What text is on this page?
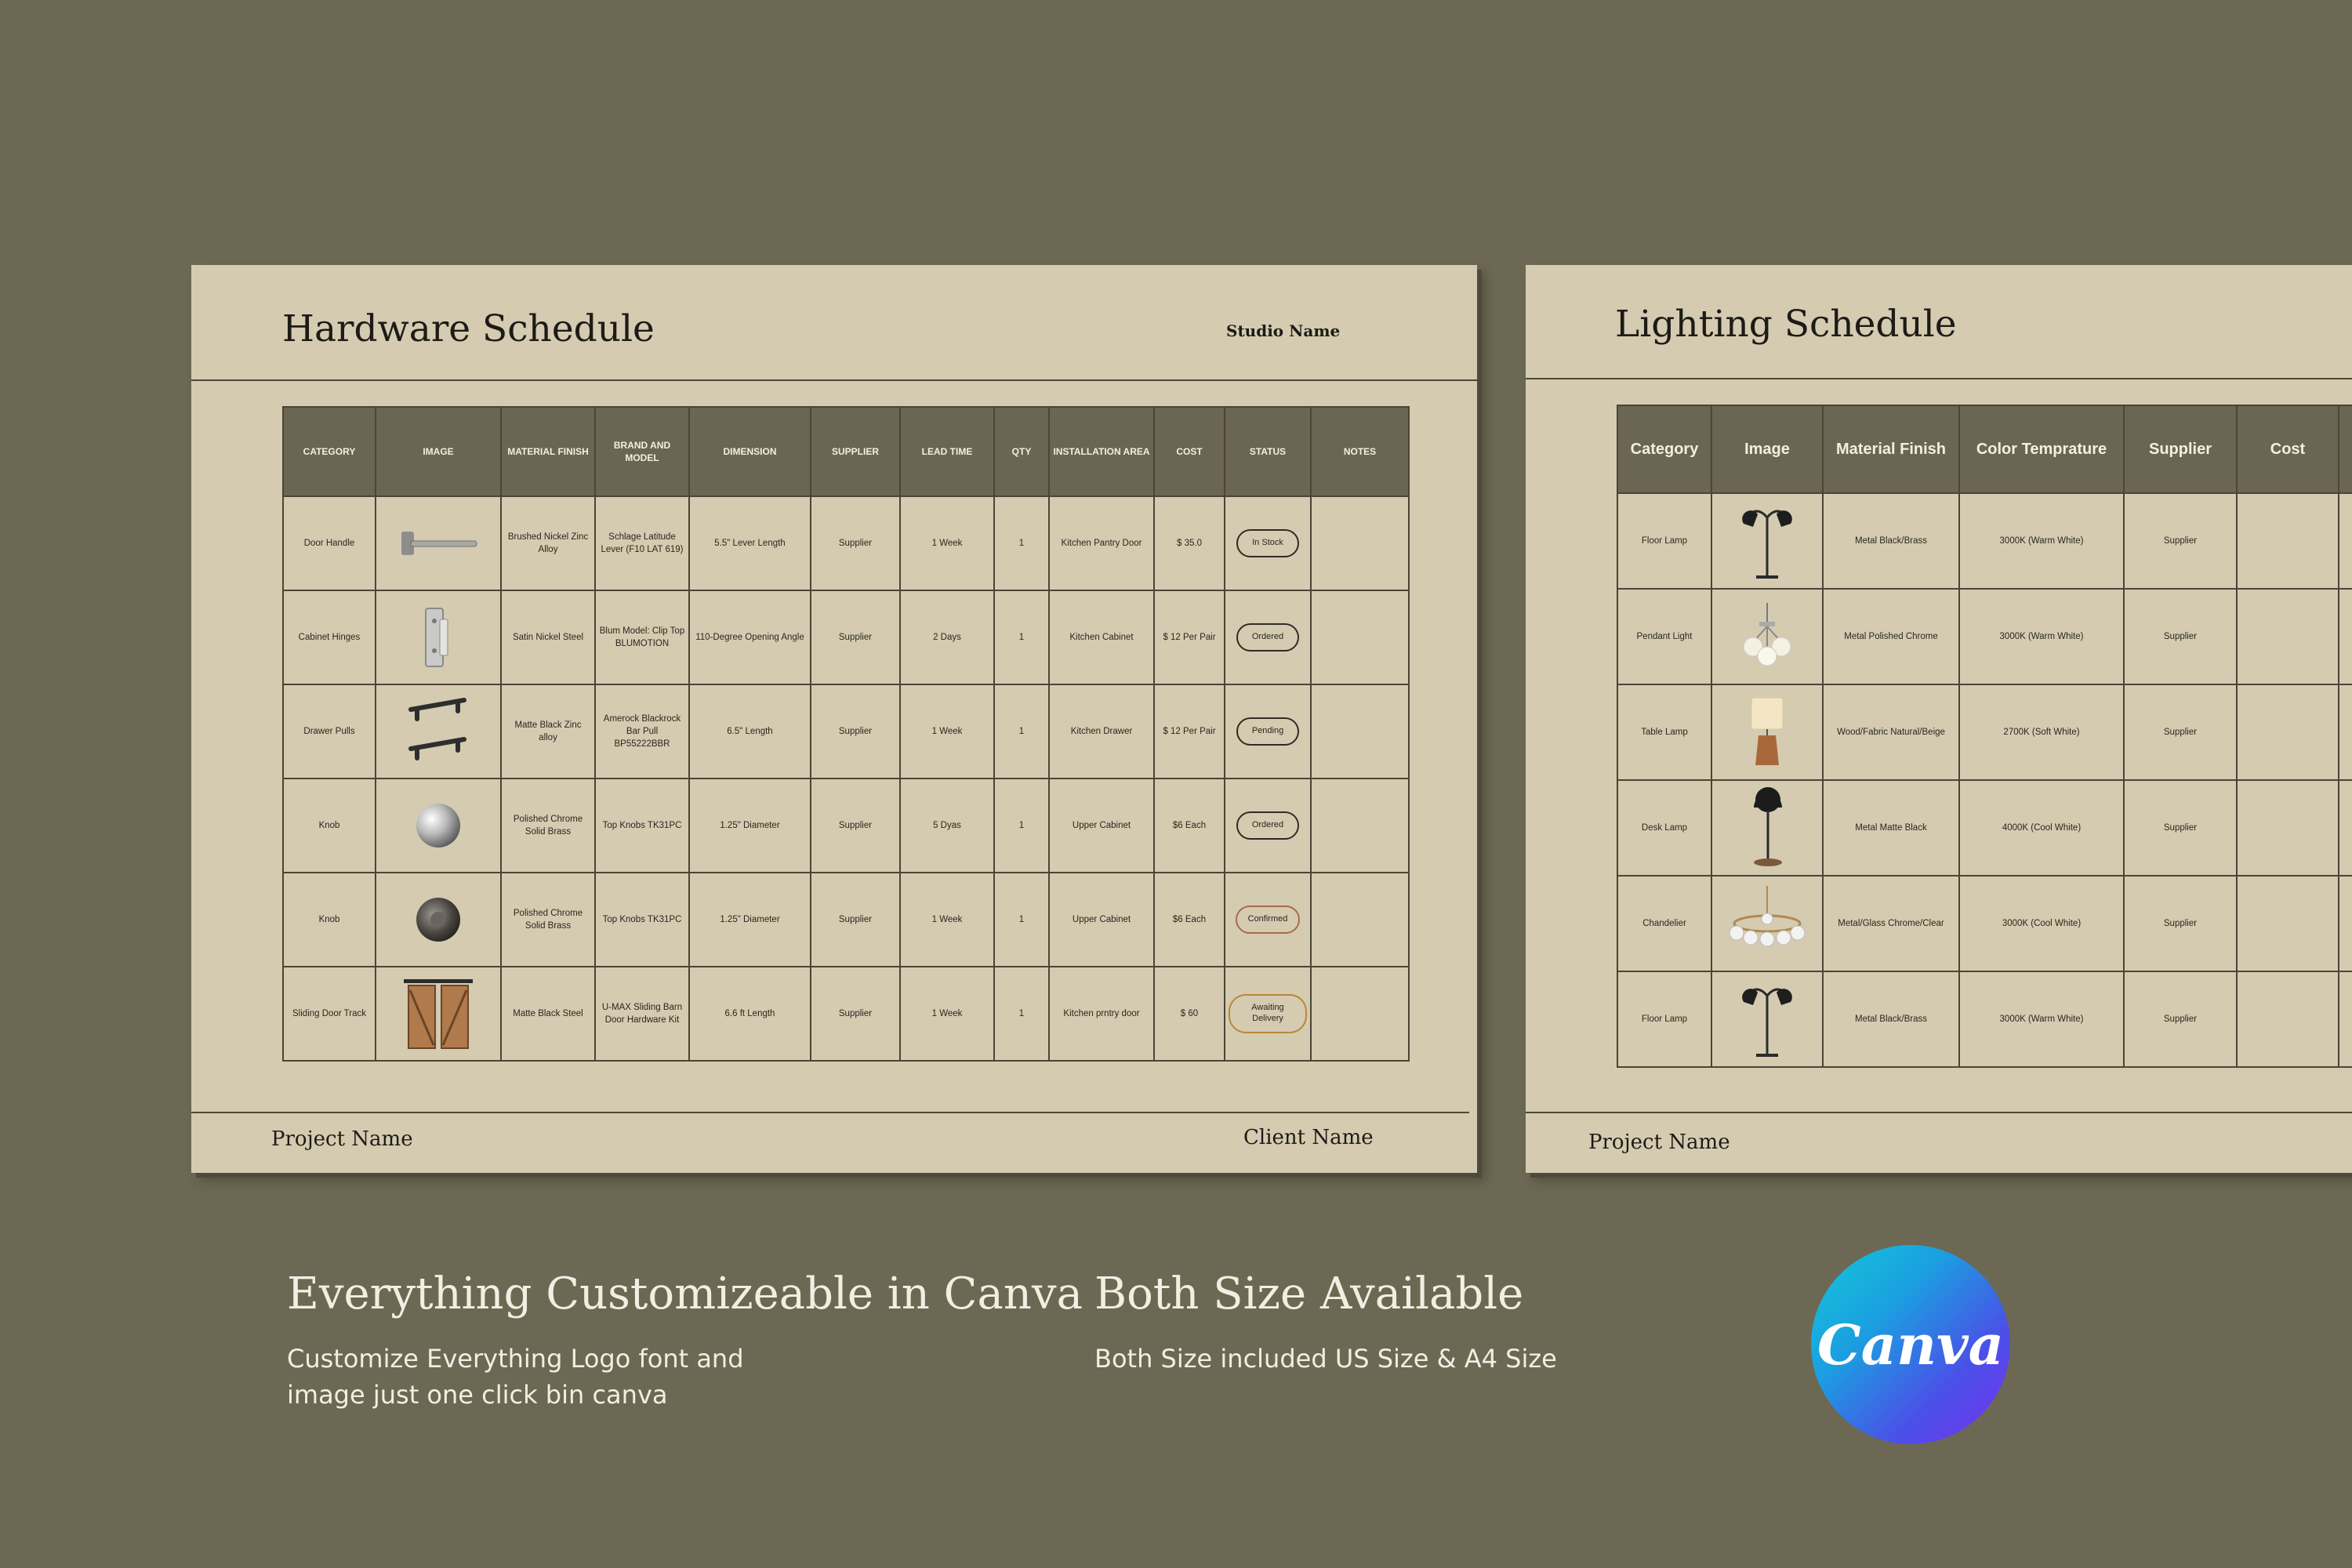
Hardware Schedule	Studio Name
CATEGORY	IMAGE	MATERIAL FINISH	BRAND AND MODEL	DIMENSION	SUPPLIER	LEAD TIME	QTY	INSTALLATION AREA	COST	STATUS	NOTES
Door Handle		Brushed Nickel Zinc Alloy	Schlage Latitude Lever (F10 LAT 619)	5.5" Lever Length	Supplier	1 Week	1	Kitchen Pantry Door	$ 35.0	In Stock	
Cabinet Hinges		Satin Nickel Steel	Blum Model: Clip Top BLUMOTION	110-Degree Opening Angle	Supplier	2 Days	1	Kitchen Cabinet	$ 12 Per Pair	Ordered	
Drawer Pulls		Matte Black Zinc alloy	Amerock Blackrock Bar Pull BP55222BBR	6.5" Length	Supplier	1 Week	1	Kitchen Drawer	$ 12 Per Pair	Pending	
Knob		Polished Chrome Solid Brass	Top Knobs TK31PC	1.25" Diameter	Supplier	5 Dyas	1	Upper Cabinet	$6 Each	Ordered	
Knob		Polished Chrome Solid Brass	Top Knobs TK31PC	1.25" Diameter	Supplier	1 Week	1	Upper Cabinet	$6 Each	Confirmed	
Sliding Door Track		Matte Black Steel	U-MAX Sliding Barn Door Hardware Kit	6.6 ft Length	Supplier	1 Week	1	Kitchen prntry door	$ 60	Awaiting Delivery	
Project Name	Client Name
Lighting Schedule
Category	Image	Material Finish	Color Temprature	Supplier	Cost	
Floor Lamp		Metal Black/Brass	3000K (Warm White)	Supplier		
Pendant Light		Metal Polished Chrome	3000K (Warm White)	Supplier		
Table Lamp		Wood/Fabric Natural/Beige	2700K (Soft White)	Supplier		
Desk Lamp		Metal Matte Black	4000K (Cool White)	Supplier		
Chandelier		Metal/Glass Chrome/Clear	3000K (Cool White)	Supplier		
Floor Lamp		Metal Black/Brass	3000K (Warm White)	Supplier		
Project Name
Everything Customizeable in Canva
Customize Everything Logo font and
image just one click bin canva
Both Size Available
Both Size included US Size & A4 Size	Canva
